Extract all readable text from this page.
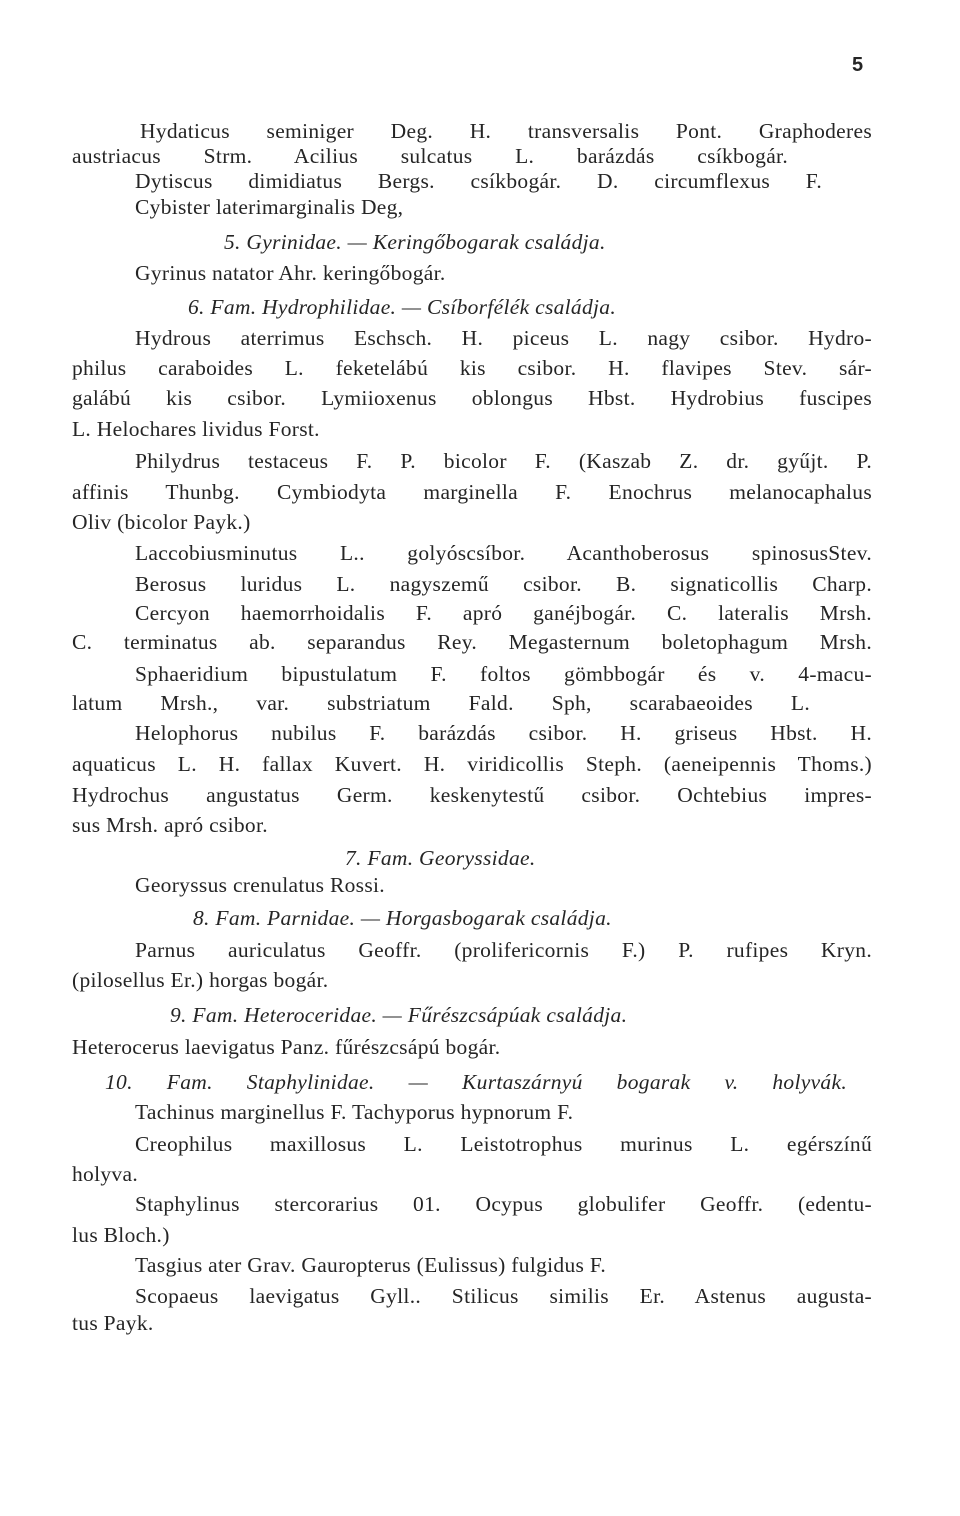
5
Hydaticus seminiger Deg. H. transversalis Pont. Graphoderes
austriacus Strm. Acilius sulcatus L. barázdás csíkbogár.
Dytiscus dimidiatus Bergs. csíkbogár. D. circumflexus F.
Cybister laterimarginalis Deg,
5. Gyrinidae. — Keringőbogarak családja.
Gyrinus natator Ahr. keringőbogár.
6. Fam. Hydrophilidae. — Csíborfélék családja.
Hydrous aterrimus Eschsch. H. piceus L. nagy csibor. Hydro-
philus caraboides L. feketelábú kis csibor. H. flavipes Stev. sár-
galábú kis csibor. Lymiioxenus oblongus Hbst. Hydrobius fuscipes
L. Helochares lividus Forst.
Philydrus testaceus F. P. bicolor F. (Kaszab Z. dr. gyűjt. P.
affinis Thunbg. Cymbiodyta marginella F. Enochrus melanocaphalus
Oliv (bicolor Payk.)
Laccobiusminutus L.. golyóscsíbor. Acanthoberosus spinosusStev.
Berosus luridus L. nagyszemű csibor. B. signaticollis Charp.
Cercyon haemorrhoidalis F. apró ganéjbogár. C. lateralis Mrsh.
C. terminatus ab. separandus Rey. Megasternum boletophagum Mrsh.
Sphaeridium bipustulatum F. foltos gömbbogár és v. 4-macu-
latum Mrsh., var. substriatum Fald. Sph, scarabaeoides L.
Helophorus nubilus F. barázdás csibor. H. griseus Hbst. H.
aquaticus L. H. fallax Kuvert. H. viridicollis Steph. (aeneipennis Thoms.)
Hydrochus angustatus Germ. keskenytestű csibor. Ochtebius impres-
sus Mrsh. apró csibor.
7. Fam. Georyssidae.
Georyssus crenulatus Rossi.
8. Fam. Parnidae. — Horgasbogarak családja.
Parnus auriculatus Geoffr. (prolifericornis F.) P. rufipes Kryn.
(pilosellus Er.) horgas bogár.
9. Fam. Heteroceridae. — Fűrészcsápúak családja.
Heterocerus laevigatus Panz. fűrészcsápú bogár.
10. Fam. Staphylinidae. — Kurtaszárnyú bogarak v. holyvák.
Tachinus marginellus F. Tachyporus hypnorum F.
Creophilus maxillosus L. Leistotrophus murinus L. egérszínű
holyva.
Staphylinus stercorarius 01. Ocypus globulifer Geoffr. (edentu-
lus Bloch.)
Tasgius ater Grav. Gauropterus (Eulissus) fulgidus F.
Scopaeus laevigatus Gyll.. Stilicus similis Er. Astenus augusta-
tus Payk.
